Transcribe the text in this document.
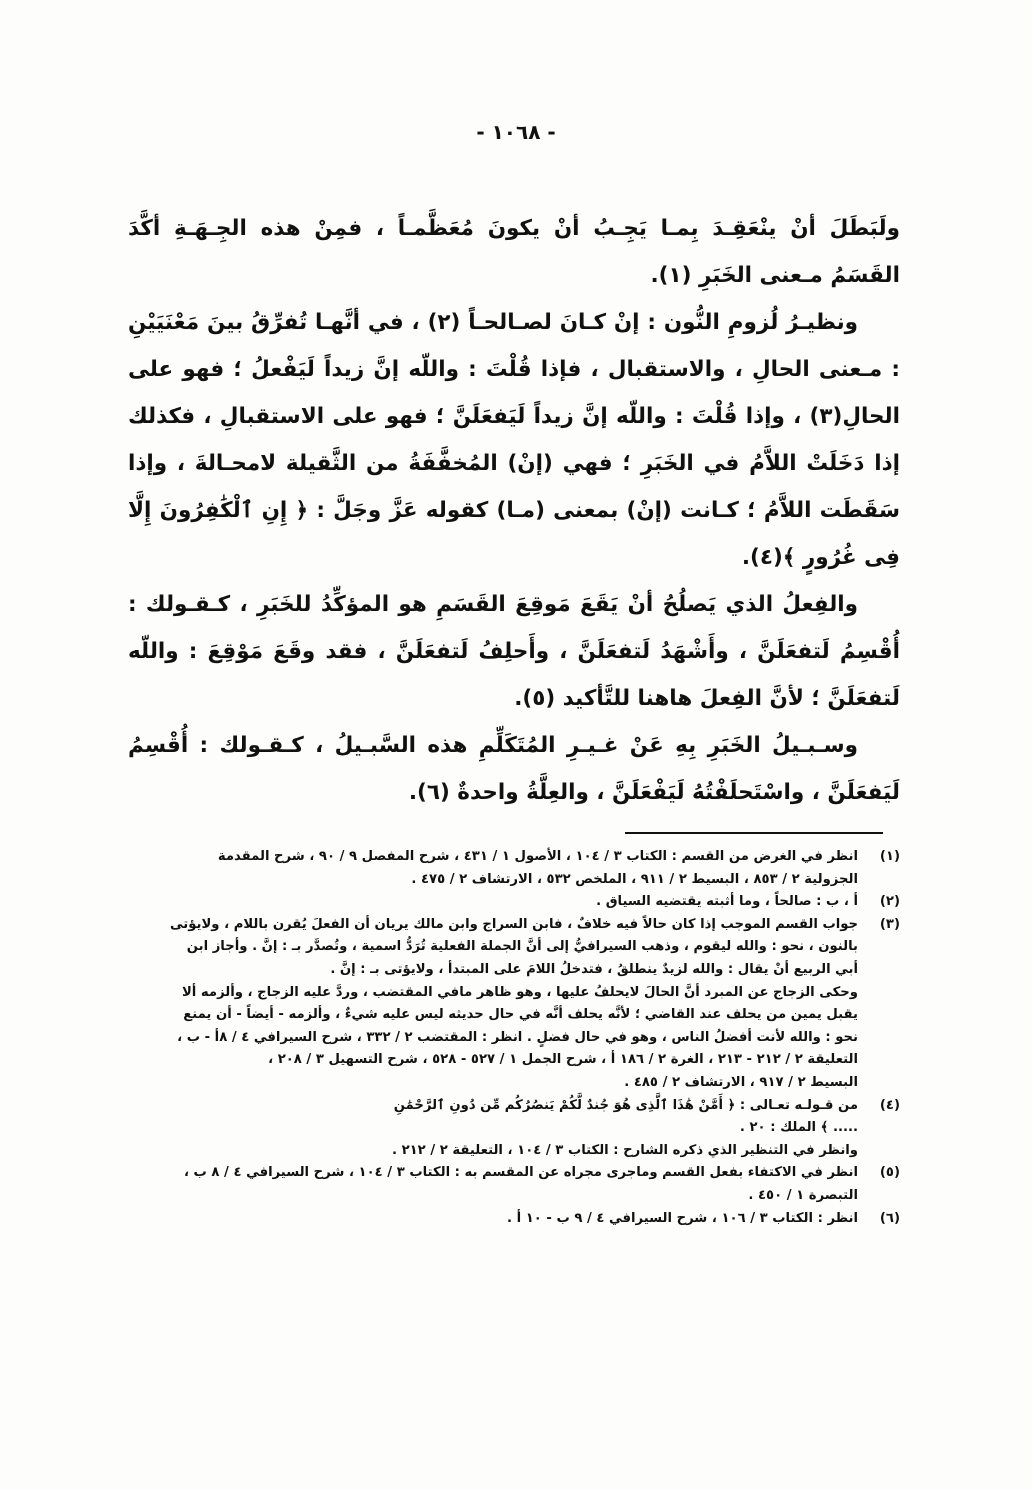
- ١٠٦٨ -

ولَبَطَلَ أنْ ينْعَقِـدَ بِمـا يَجِـبُ أنْ يكونَ مُعَظَّمـاً ، فمِنْ هذه الجِـهَـةِ أكَّدَ القَسَمُ مـعنى الخَبَرِ (١).

ونظيـرُ لُزومِ النُّون : إنْ كـانَ لصـالحـاً (٢) ، في أنَّهـا تُفرِّقُ بينَ مَعْنَيَيْنِ : مـعنى الحالِ ، والاستقبال ، فإذا قُلْتَ : واللّه إنَّ زيداً لَيَفْعلُ ؛ فهو على الحالِ(٣) ، وإذا قُلْتَ : واللّه إنَّ زيداً لَيَفعَلَنَّ ؛ فهو على الاستقبالِ ، فكذلك إذا دَخَلَتْ اللاَّمُ في الخَبَرِ ؛ فهي (إنْ) المُخفَّفَةُ من الثَّقيلة لامحـالةَ ، وإذا سَقَطَت اللاَّمُ ؛ كـانت (إنْ) بمعنى (مـا) كقوله عَزَّ وجَلَّ : ﴿ إِنِ ٱلْكَٰفِرُونَ إِلَّا فِى غُرُورٍ ﴾(٤).

والفِعلُ الذي يَصلُحُ أنْ يَقَعَ مَوقِعَ القَسَمِ هو المؤكِّدُ للخَبَرِ ، كـقـولك : أُقْسِمُ لَتفعَلَنَّ ، وأَشْهَدُ لَتفعَلَنَّ ، وأَحلِفُ لَتفعَلَنَّ ، فقد وقَعَ مَوْقِعَ : واللّه لَتفعَلَنَّ ؛ لأنَّ الفِعلَ هاهنا للتَّأكيد (٥).

وسـبـيلُ الخَبَرِ بِهِ عَنْ غـيـرِ المُتَكَلِّمِ هذه السَّبـيلُ ، كـقـولك : أُقْسِمُ لَيَفعَلَنَّ ، واسْتَحلَفْتُهُ لَيَفْعَلَنَّ ، والعِلَّةُ واحدةٌ (٦).

(١)
انظر في الغرض من القسم : الكتاب ٣ / ١٠٤ ، الأصول ١ / ٤٣١ ، شرح المفصل ٩ / ٩٠ ، شرح المقدمة
الجزولية ٢ / ٨٥٣ ، البسيط ٢ / ٩١١ ، الملخص ٥٣٢ ، الارتشاف ٢ / ٤٧٥ .
(٢)
أ ، ب : صالحاً ، وما أثبته يقتضيه السياق .
(٣)
جواب القسم الموجب إذا كان حالاً فيه خلافٌ ، فابن السراج وابن مالك يريان أن الفعلَ يُقرن باللام ، ولايؤتى
بالنون ، نحو : والله ليقوم ، وذهب السيرافيُّ إلى أنَّ الجملة الفعلية تُرَدُّ اسمية ، وتُصدَّر بـ : إنَّ . وأجاز ابن
أبي الربيع أنْ يقال : والله لزيدٌ ينطلقُ ، فتدخلُ اللامَ على المبتدأ ، ولايؤتى بـ : إنَّ .
وحكى الزجاج عن المبرد أنَّ الحالَ لايحلفُ عليها ، وهو ظاهر مافي المقتضب ، وردَّ عليه الزجاج ، وألزمه ألا
يقبل يمين من يحلف عند القاضي ؛ لأنَّه يحلف أنَّه في حال حديثه ليس عليه شيءٌ ، وألزمه - أيضاً - أن يمنع
نحو : والله لأنت أفضلُ الناس ، وهو في حال فضلٍ . انظر : المقتضب ٢ / ٣٣٢ ، شرح السيرافي ٤ / ٨أ - ب ،
التعليقة ٢ / ٢١٢ - ٢١٣ ، الغرة ٢ / ١٨٦ أ ، شرح الجمل ١ / ٥٢٧ - ٥٢٨ ، شرح التسهيل ٣ / ٢٠٨ ،
البسيط ٢ / ٩١٧ ، الارتشاف ٢ / ٤٨٥ .
(٤)
من قـولـه تعـالى : ﴿ أَمَّنْ هَٰذَا ٱلَّذِى هُوَ جُندٌ لَّكُمْ يَنصُرُكُم مِّن دُونِ ٱلرَّحْمَٰنِ
..... ﴾ الملك : ٢٠ .
وانظر في التنظير الذي ذكره الشارح : الكتاب ٣ / ١٠٤ ، التعليقة ٢ / ٢١٢ .
(٥)
انظر في الاكتفاء بفعل القسم وماجرى مجراه عن المقسم به : الكتاب ٣ / ١٠٤ ، شرح السيرافي ٤ / ٨ ب ،
التبصرة ١ / ٤٥٠ .
(٦)
انظر : الكتاب ٣ / ١٠٦ ، شرح السيرافي ٤ / ٩ ب - ١٠ أ .
